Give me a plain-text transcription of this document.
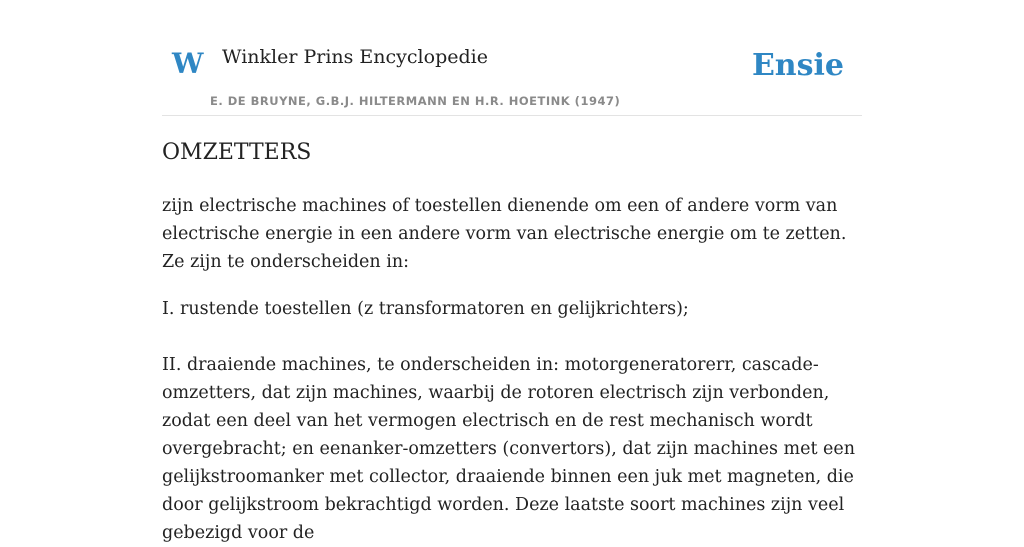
W Winkler Prins Encyclopedie
E. DE BRUYNE, G.B.J. HILTERMANN EN H.R. HOETINK (1947)
Ensie
OMZETTERS

zijn electrische machines of toestellen dienende om een of andere vorm van electrische energie in een andere vorm van electrische energie om te zetten. Ze zijn te onderscheiden in:

I. rustende toestellen (z transformatoren en gelijkrichters);

II. draaiende machines, te onderscheiden in: motorgeneratorerr, cascade-omzetters, dat zijn machines, waarbij de rotoren electrisch zijn verbonden, zodat een deel van het vermogen electrisch en de rest mechanisch wordt overgebracht; en eenanker-omzetters (convertors), dat zijn machines met een gelijkstroomanker met collector, draaiende binnen een juk met magneten, die door gelijkstroom bekrachtigd worden. Deze laatste soort machines zijn veel gebezigd voor de
